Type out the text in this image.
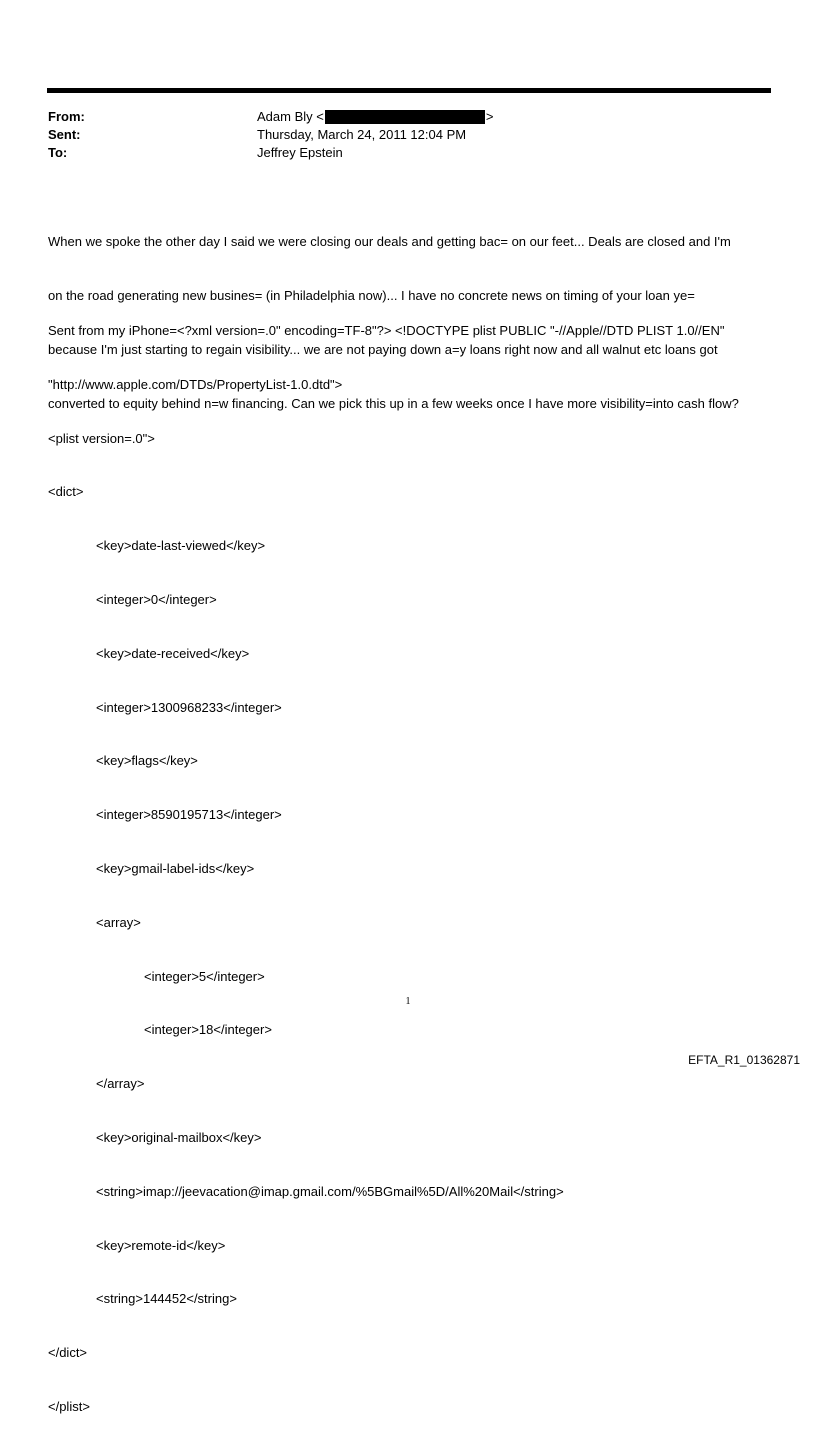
From:	Adam Bly <	>
Sent:	Thursday, March 24, 2011 12:04 PM
To:	Jeffrey Epstein

When we spoke the other day I said we were closing our deals and getting bac= on our feet... Deals are closed and I'm

on the road generating new busines= (in Philadelphia now)... I have no concrete news on timing of your loan ye=

because I'm just starting to regain visibility... we are not paying down a=y loans right now and all walnut etc loans got

converted to equity behind n=w financing. Can we pick this up in a few weeks once I have more visibility=into cash flow?

Sent from my iPhone=<?xml version=.0" encoding=TF-8"?> <!DOCTYPE plist PUBLIC "-//Apple//DTD PLIST 1.0//EN"

"http://www.apple.com/DTDs/PropertyList-1.0.dtd">

<plist version=.0">

<dict>

<key>date-last-viewed</key>

<integer>0</integer>

<key>date-received</key>

<integer>1300968233</integer>

<key>flags</key>

<integer>8590195713</integer>

<key>gmail-label-ids</key>

<array>

<integer>5</integer>

<integer>18</integer>

</array>

<key>original-mailbox</key>

<string>imap://jeevacation@imap.gmail.com/%5BGmail%5D/All%20Mail</string>

<key>remote-id</key>

<string>144452</string>

</dict>

</plist>

1
EFTA_R1_01362871
